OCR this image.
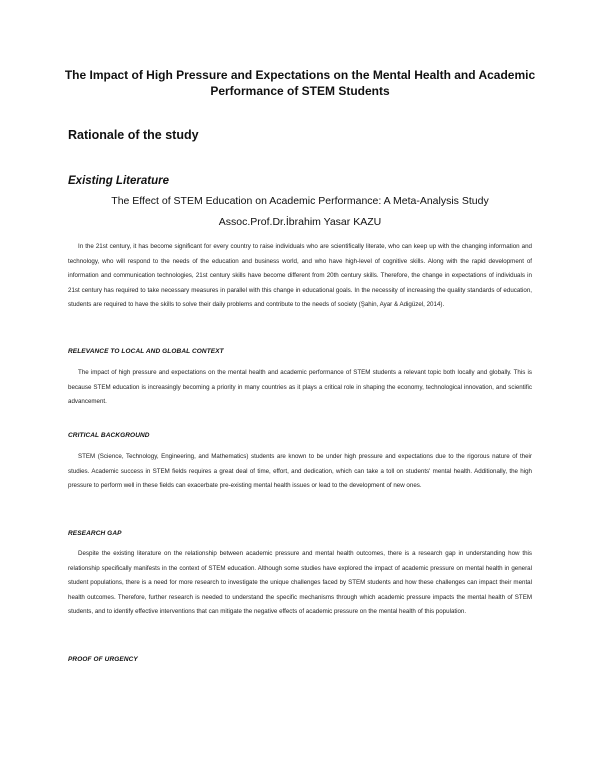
The Impact of High Pressure and Expectations on the Mental Health and Academic Performance of STEM Students
Rationale of the study
Existing Literature

The Effect of STEM Education on Academic Performance: A Meta-Analysis Study

Assoc.Prof.Dr.İbrahim Yasar KAZU

In the 21st century, it has become significant for every country to raise individuals who are scientifically literate, who can keep up with the changing information and technology, who will respond to the needs of the education and business world, and who have high-level of cognitive skills. Along with the rapid development of information and communication technologies, 21st century skills have become different from 20th century skills. Therefore, the change in expectations of individuals in 21st century has required to take necessary measures in parallel with this change in educational goals. In the necessity of increasing the quality standards of education, students are required to have the skills to solve their daily problems and contribute to the needs of society (Şahin, Ayar & Adigüzel, 2014).

RELEVANCE TO LOCAL AND GLOBAL CONTEXT

The impact of high pressure and expectations on the mental health and academic performance of STEM students a relevant topic both locally and globally. This is because STEM education is increasingly becoming a priority in many countries as it plays a critical role in shaping the economy, technological innovation, and scientific advancement.

CRITICAL BACKGROUND

STEM (Science, Technology, Engineering, and Mathematics) students are known to be under high pressure and expectations due to the rigorous nature of their studies. Academic success in STEM fields requires a great deal of time, effort, and dedication, which can take a toll on students' mental health. Additionally, the high pressure to perform well in these fields can exacerbate pre-existing mental health issues or lead to the development of new ones.

RESEARCH GAP

Despite the existing literature on the relationship between academic pressure and mental health outcomes, there is a research gap in understanding how this relationship specifically manifests in the context of STEM education. Although some studies have explored the impact of academic pressure on mental health in general student populations, there is a need for more research to investigate the unique challenges faced by STEM students and how these challenges can impact their mental health outcomes. Therefore, further research is needed to understand the specific mechanisms through which academic pressure impacts the mental health of STEM students, and to identify effective interventions that can mitigate the negative effects of academic pressure on the mental health of this population.

PROOF OF URGENCY
